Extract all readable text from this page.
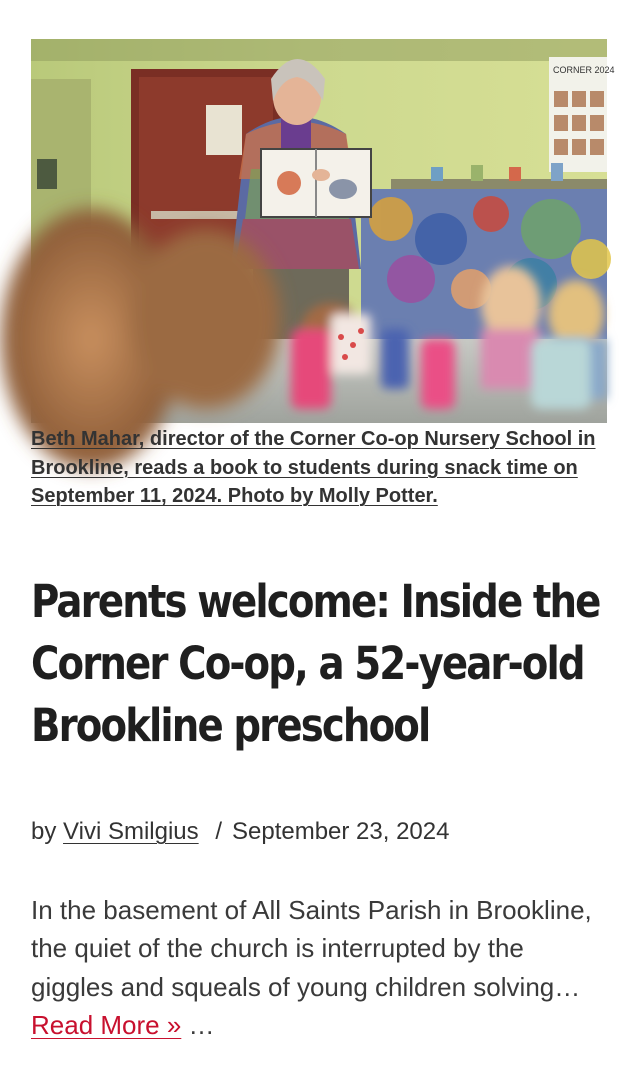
CORNER 2024
Beth Mahar, director of the Corner Co-op Nursery School in Brookline, reads a book to students during snack time on September 11, 2024. Photo by Molly Potter.
Parents welcome: Inside the Corner Co-op, a 52-year-old Brookline preschool
by Vivi Smilgius / September 23, 2024

In the basement of All Saints Parish in Brookline, the quiet of the church is interrupted by the giggles and squeals of young children solving… Read More » …
